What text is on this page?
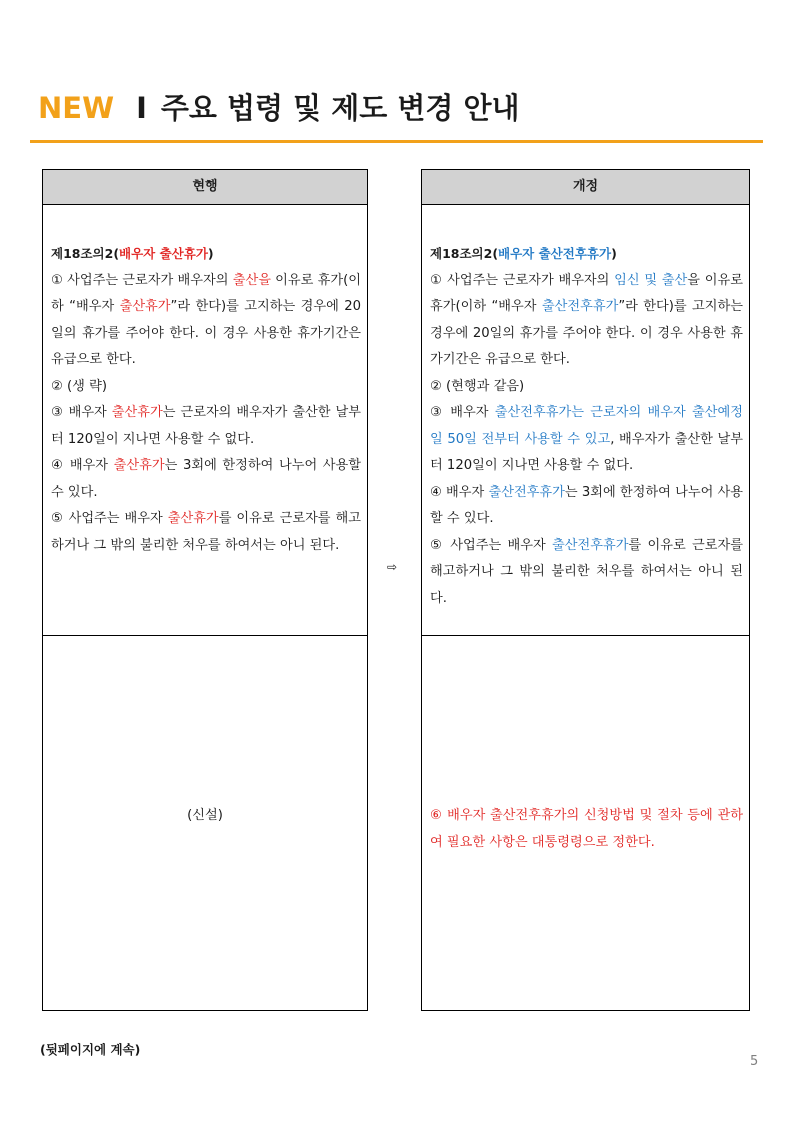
NEW I 주요 법령 및 제도 변경 안내
현행

제18조의2(배우자 출산휴가)

① 사업주는 근로자가 배우자의 출산을 이유로 휴가(이하 “배우자 출산휴가”라 한다)를 고지하는 경우에 20일의 휴가를 주어야 한다. 이 경우 사용한 휴가기간은 유급으로 한다.

② (생 략)

③ 배우자 출산휴가는 근로자의 배우자가 출산한 날부터 120일이 지나면 사용할 수 없다.

④ 배우자 출산휴가는 3회에 한정하여 나누어 사용할 수 있다.

⑤ 사업주는 배우자 출산휴가를 이유로 근로자를 해고하거나 그 밖의 불리한 처우를 하여서는 아니 된다.

(신설)
⇨
개정

제18조의2(배우자 출산전후휴가)

① 사업주는 근로자가 배우자의 임신 및 출산을 이유로 휴가(이하 “배우자 출산전후휴가”라 한다)를 고지하는 경우에 20일의 휴가를 주어야 한다. 이 경우 사용한 휴가기간은 유급으로 한다.

② (현행과 같음)

③ 배우자 출산전후휴가는 근로자의 배우자 출산예정일 50일 전부터 사용할 수 있고, 배우자가 출산한 날부터 120일이 지나면 사용할 수 없다.

④ 배우자 출산전후휴가는 3회에 한정하여 나누어 사용할 수 있다.

⑤ 사업주는 배우자 출산전후휴가를 이유로 근로자를 해고하거나 그 밖의 불리한 처우를 하여서는 아니 된다.

⑥ 배우자 출산전후휴가의 신청방법 및 절차 등에 관하여 필요한 사항은 대통령령으로 정한다.
(뒷페이지에 계속)
5
